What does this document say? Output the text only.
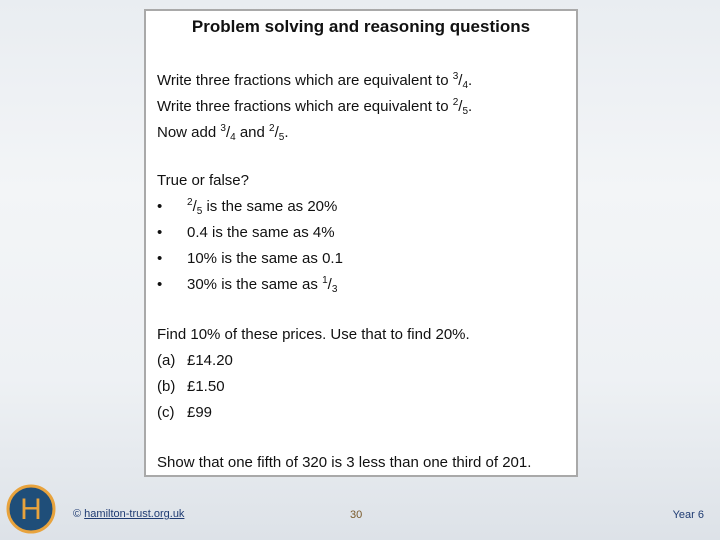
Problem solving and reasoning questions
Write three fractions which are equivalent to $^3/_4$.
Write three fractions which are equivalent to $^2/_5$.
Now add $^3/_4$ and $^2/_5$.
True or false?
• $^2/_5$ is the same as 20%
• 0.4 is the same as 4%
• 10% is the same as 0.1
• 30% is the same as $^1/_3$
Find 10% of these prices. Use that to find 20%.
(a) £14.20
(b) £1.50
(c) £99
Show that one fifth of 320 is 3 less than one third of 201.
H	© hamilton-trust.org.uk	30	Year 6
